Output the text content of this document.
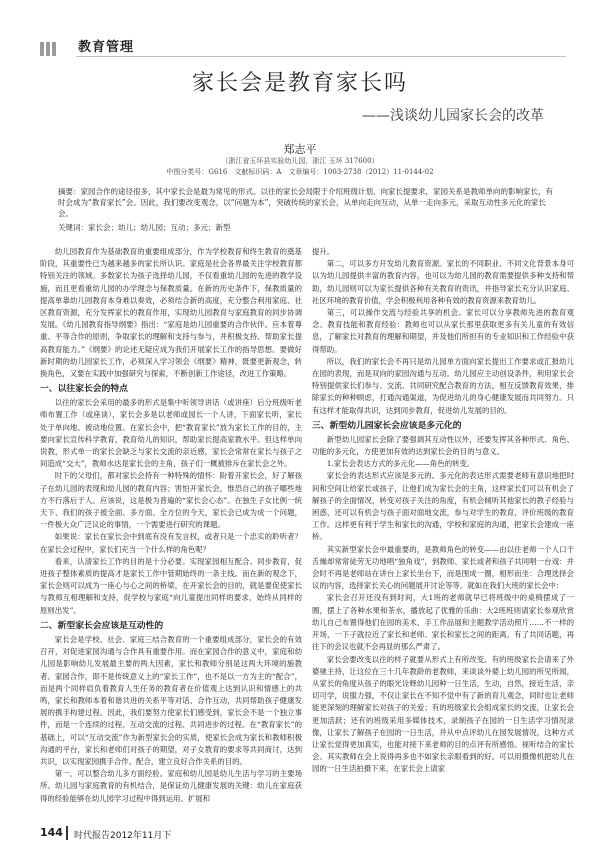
教育管理
家长会是教育家长吗
——浅谈幼儿园家长会的改革
郑志平
（浙江省玉环县实验幼儿园，浙江 玉环 317600）
中图分类号：G616　文献标识码：A　文章编号：1003-2738（2012）11-0144-02
摘要：家园合作的途径很多，其中家长会是最为常见的形式。以往的家长会局限于介绍班级计划、向家长提要求，家园关系是教师单向的影响家长，有时会成为“教育家长”会。因此，我们要改变观念，以“问题为本”，突破传统的家长会，从单向走向互动，从单一走向多元，采取互动性多元化的家长会。
关键词：家长会；幼儿；幼儿园；互动；多元；新型

幼儿园教育作为基础教育的重要组成部分，作为学校教育和终生教育的奠基阶段，其重要性已为越来越多的家长所认识。家庭是社会各界最关注学校教育都特别关注的领域。多数家长为孩子选择幼儿园，不仅看重幼儿园的先进的教学设施，而且更看重幼儿园的办学理念与保教质量。在新的历史条件下，保教质量的提高单靠幼儿园教育本身难以奏效，必须结合新的高度，充分整合利用家庭、社区教育资源，充分发挥家长的教育作用，实现幼儿园教育与家庭教育的同步协调发展。《幼儿园教育指导纲要》指出：“家庭是幼儿园重要的合作伙伴。应本着尊重、平等合作的原则，争取家长的理解和支持与参与，并积极支持、帮助家长提高教育能力。”《纲要》的论述无疑应成为我们开展家长工作的指导思想。要做好新时期的幼儿园家长工作，必须深入学习领会《纲要》精神，既要更新观念，转换角色，又要在实践中加强研究与探索，不断创新工作途径，改进工作策略。

一、以往家长会的特点

以往的家长会采用的最多的形式是集中听领导讲话（或讲座）后分班级听老师布置工作（或座谈），家长会多是以老师或园长一个人讲，下面家长听，家长处于单向地、被动地位置。在家长会中，把“教育家长”放为家长工作的目的，主要向家长宣传科学教育，教育幼儿的知识，帮助家长提高家教水平。但这样单向说教，形式单一的家长会缺乏与家长交流的亲近感，家长会常常在家长与孩子之间造成“交大”，教师水达是家长会的主角，孩子们一概被排斥在家长会之外。

时下的父母们，都对家长会持有一种特殊的情怀：盼着开家长会，好了解孩子在幼儿园的表现和幼儿园的教育内容；害怕开家长会，惟恐自己的孩子哪些地方不行落后于人。应该说，这是极为普遍的“家长会心态”。在独生子女比例一统天下、我们的孩子被全面、多方面、全方位的今天，家长会已成为成一个问题，一件极大众广泛议论的事情，一个需要进行研究的课题。

如果说：家长在家长会中到底有没有发言权，或者只是一个忠实的聆听者？在家长会过程中，家长们充当一个什么样的角色呢？

看来，认清家长工作的目的是十分必要。实现家园相互配合、同步教育，促进孩子整体素质的提高才是家长工作中管期始终的一条主线。而在新的观念下，家长会则可以成为一座心与心之间的桥梁，在开家长会的目的，就是要促使家长与教师互相理解和支持，促学校与家庭“向儿童提出同样的要求，始终从同样的原则出发”。

二、新型家长会应该是互动性的

家长会是学校、社会、家庭三结合教育的一个重要组成部分，家长会的有效召开，对促进家园沟通与合作具有重要作用。而在家园合作的意义中，家庭和幼儿园是影响幼儿发展最主要的两大因素，家长和教师分别是这两大环境的施教者。家园合作，即不是传统意义上的“家长工作”，也不是以一方为主的“配合”，而是两个同样肩负着教育人生任务的教育者在价值观上达到认识和情感上的共鸣，家长和教师本着和谐共进的关系平等对话、合作互动，共同帮助孩子健康发展的携手构建过程。因此，我们要努力使家长们感受到，家长会不是一个独立事件，而是一个连续的过程、互动交流的过程、共同进步的过程。在“教育家长”的基础上，可以“互动交流”作为新型家长会的实质，使家长会成为家长和教师积极沟通的平台，家长和老师们对孩子的期望，对子女教育的要求等共同商讨，达到共识，以实现家园携手合作、配合，建立良好合作关系的目的。

第一，可以整合幼儿多方面经验。家庭和幼儿园是幼儿生活与学习的主要场所。幼儿园与家庭教育的有机结合，是保证幼儿健康发展的关键：幼儿在家庭获得的经验能够在幼儿园学习过程中得到运用、扩展和

提升。

第二，可以多方开发幼儿教育资源。家长的不同职业、不同文化背景本身可以为幼儿园提供丰富的教育内容，也可以为幼儿园的教育需要提供多种支持和帮助，幼儿园则可以为家长提供各种有关教育的资讯，并指导家长充分认识家庭、社区环境的教育价值，学会积极利用各种有效的教育资源来教育幼儿。

第三，可以操作交流与经验共享的机会。家长可以分享教师先进的教育观念、教育技能和教育经验：教师也可以从家长那里获取更多有关儿童的有效信息，了解家长对教育的理解和期望，并及他们所担有的专业知识和工作经验中获得帮助。

所以，我们的家长会不再只是幼儿园单方面向家长提出工作要求或汇报幼儿在园的表现，而是双向的家园沟通与互动。幼儿园应主动创设条件，利用家长会特别提供家长们参与、交流、共同研究配合教育的方法，相互反馈教育效果，排除家长的种种顾虑，打通沟通渠道，为促进幼儿的身心健康发展而共同努力。只有这样才能取得共识，达到同步教育，促进幼儿发展的目的。

三、新型幼儿园家长会应该是多元化的

新型幼儿园家长会除了要强调其互动性以外，还要发挥其各种形式、角色、功能的多元化，方使更加有效的达到家长会的目的与意义。

1.家长会表达方式的多元化——角色的转变。

家长会的表达形式应该是多元的。多元化的表达形式需要老师有意识地把时间和空间让给家长或孩子，让他们成为家长会的主角，这样家长们可以有机会了解孩子的全面情况，转变对孩子关注的角度，有机会倾听其他家长的教子经验与困惑，还可以有机会与孩子面对面地交流，参与对学生的教育，评价班级的教育工作。这样更有利于学生和家长的沟通，学校和家庭的沟通，把家长会建成一座桥。

其实新型家长会中最重要的，是教师角色的转变——由以往老师一个人口干舌燥却常常徒劳无功地唱“独角戏”，到教师、家长或者和孩子共同唱一台戏：并会时不再是老师站在讲台上家长坐台下，而是围成一圈，相形而坐：合理选择会议的内容，选择家长关心的问题展开讨论等等。就如在我们大班的家长会中：

家长会召开还没有到时间，大1班的老师就早已将班级中的桌椅摆成了一圈，摆上了各种水果和茶水，播放起了优雅的乐曲：大2班班则请家长参观欣赏幼儿自己布置得他们在园的美术、手工作品展和主题教学活动照片……不一样的开场，一下子就拉近了家长和老师、家长和家长之间的距离，有了共同话题，再往下的会议也就不会再显的那么严肃了。

家长会要改变以往的样子就要从形式上有所改变。有的班级家长会请来了外婆驰主持，让这位在三十几年教龄的老教师，来谈谈外婆上幼儿园的所见所闻，从家长的角度从孩子的眼光诠释幼儿园种一日生活，生动，自然，接近生活，亲切可学，说服力强，不仅让家长在不知不觉中有了新的育儿观念，同时也让老师能更深刻的理解家长对孩子的关爱；有的班级家长会组成家长的交流，让家长会更加活跃；还有的班级采用多媒体技术，录制孩子在园的一日生活学习情况录像，让家长了解孩子在园的一日生活，并从中点评幼儿在园发展情况，这种方式让家长觉得更加真实，也能对接下来老师的目的点评有所感悟。视听结合的家长会。其实教师在会上说得再多也不如家长亲眼看到的好。可以用摄像机把幼儿在园的一日生活拍摄下来，在家长会上请家

144 时代报告2012年11月下
